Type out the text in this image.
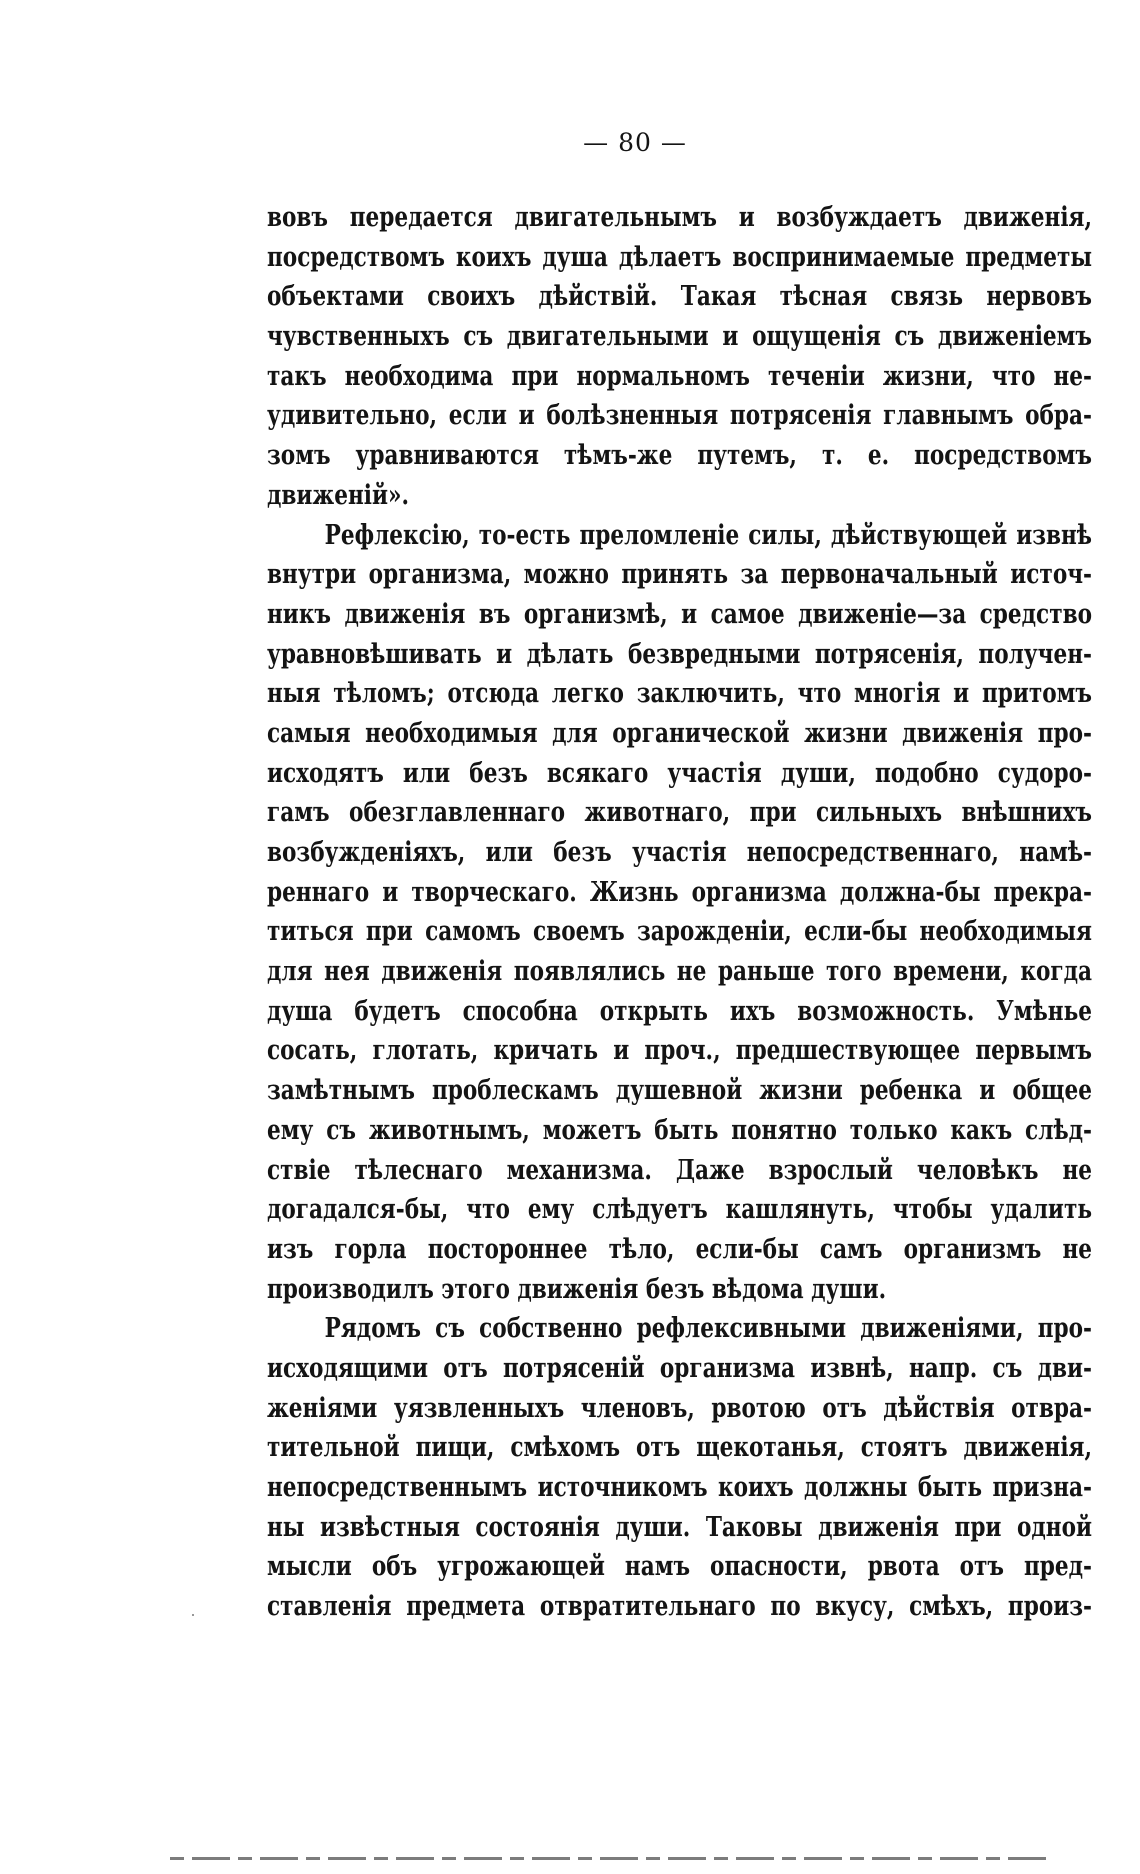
— 80 —
вовъ передается двигательнымъ и возбуждаетъ движенія,
посредствомъ коихъ душа дѣлаетъ воспринимаемые предметы
объектами своихъ дѣйствій. Такая тѣсная связь нервовъ
чувственныхъ съ двигательными и ощущенія съ движеніемъ
такъ необходима при нормальномъ теченіи жизни, что не-
удивительно, если и болѣзненныя потрясенія главнымъ обра-
зомъ уравниваются тѣмъ-же путемъ, т. е. посредствомъ
движеній».
Рефлексію, то-есть преломленіе силы, дѣйствующей извнѣ
внутри организма, можно принять за первоначальный источ-
никъ движенія въ организмѣ, и самое движеніе—за средство
уравновѣшивать и дѣлать безвредными потрясенія, получен-
ныя тѣломъ; отсюда легко заключить, что многія и притомъ
самыя необходимыя для органической жизни движенія про-
исходятъ или безъ всякаго участія души, подобно судоро-
гамъ обезглавленнаго животнаго, при сильныхъ внѣшнихъ
возбужденіяхъ, или безъ участія непосредственнаго, намѣ-
реннаго и творческаго. Жизнь организма должна-бы прекра-
титься при самомъ своемъ зарожденіи, если-бы необходимыя
для нея движенія появлялись не раньше того времени, когда
душа будетъ способна открыть ихъ возможность. Умѣнье
сосать, глотать, кричать и проч., предшествующее первымъ
замѣтнымъ проблескамъ душевной жизни ребенка и общее
ему съ животнымъ, можетъ быть понятно только какъ слѣд-
ствіе тѣлеснаго механизма. Даже взрослый человѣкъ не
догадался-бы, что ему слѣдуетъ кашлянуть, чтобы удалить
изъ горла постороннее тѣло, если-бы самъ организмъ не
производилъ этого движенія безъ вѣдома души.
Рядомъ съ собственно рефлексивными движеніями, про-
исходящими отъ потрясеній организма извнѣ, напр. съ дви-
женіями уязвленныхъ членовъ, рвотою отъ дѣйствія отвра-
тительной пищи, смѣхомъ отъ щекотанья, стоятъ движенія,
непосредственнымъ источникомъ коихъ должны быть призна-
ны извѣстныя состоянія души. Таковы движенія при одной
мысли объ угрожающей намъ опасности, рвота отъ пред-
ставленія предмета отвратительнаго по вкусу, смѣхъ, произ-
